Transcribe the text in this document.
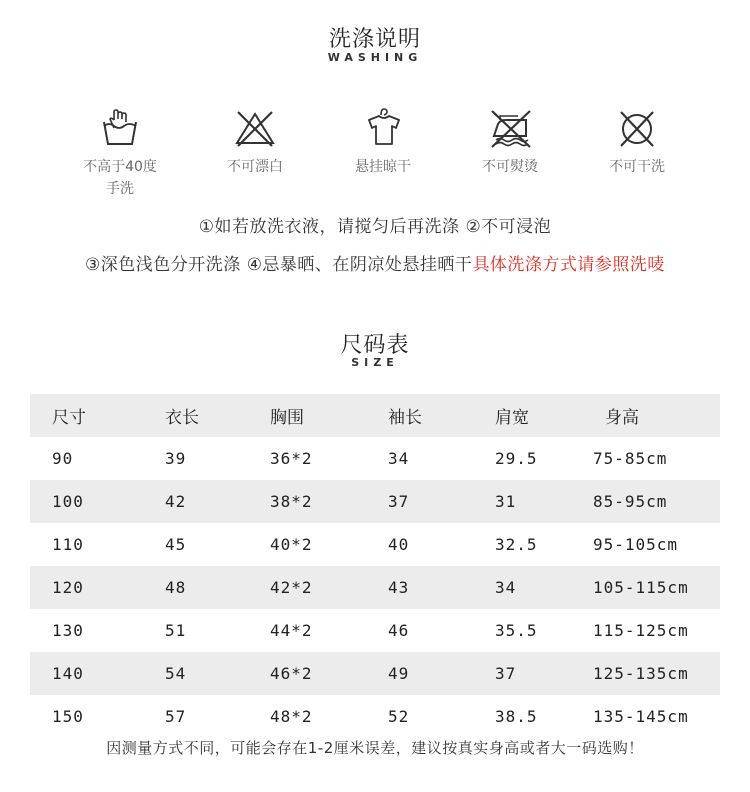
洗涤说明
WASHING
不高于40度
手洗
不可漂白	悬挂晾干	不可熨烫	不可干洗
①如若放洗衣液，请搅匀后再洗涤 ②不可浸泡
③深色浅色分开洗涤 ④忌暴晒、在阴凉处悬挂晒干具体洗涤方式请参照洗唛
尺码表
SIZE
尺寸	衣长	胸围	袖长	肩宽	身高
90	39	36*2	34	29.5	75-85cm
100	42	38*2	37	31	85-95cm
110	45	40*2	40	32.5	95-105cm
120	48	42*2	43	34	105-115cm
130	51	44*2	46	35.5	115-125cm
140	54	46*2	49	37	125-135cm
150	57	48*2	52	38.5	135-145cm
因测量方式不同，可能会存在1-2厘米误差，建议按真实身高或者大一码选购！
